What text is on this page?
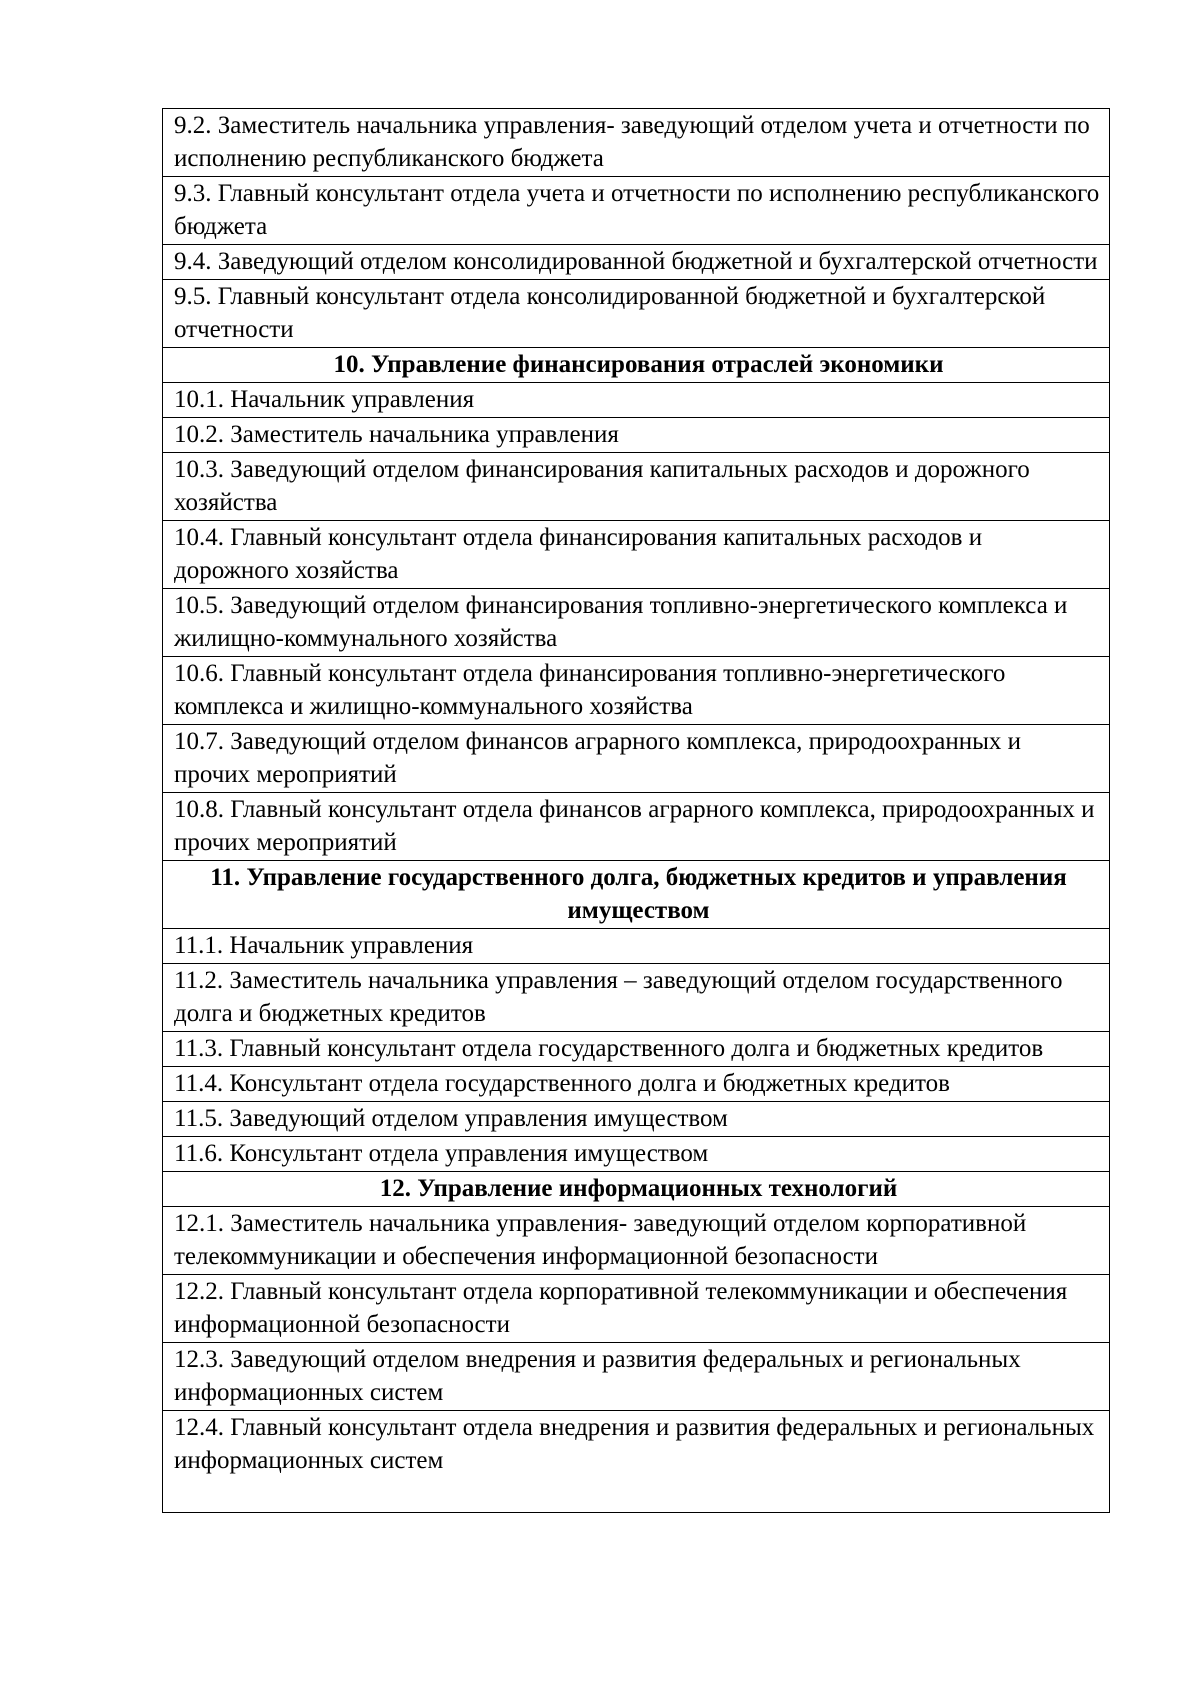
9.2. Заместитель начальника управления- заведующий отделом учета и отчетности по исполнению республиканского бюджета
9.3. Главный консультант отдела учета и отчетности по исполнению республиканского бюджета
9.4. Заведующий отделом консолидированной бюджетной и бухгалтерской отчетности
9.5. Главный консультант отдела консолидированной бюджетной и бухгалтерской отчетности
10. Управление финансирования отраслей экономики
10.1. Начальник управления
10.2. Заместитель начальника управления
10.3. Заведующий отделом финансирования капитальных расходов и дорожного хозяйства
10.4. Главный консультант отдела финансирования капитальных расходов и дорожного хозяйства
10.5. Заведующий отделом финансирования топливно-энергетического комплекса и жилищно-коммунального хозяйства
10.6. Главный консультант отдела финансирования топливно-энергетического комплекса и жилищно-коммунального хозяйства
10.7. Заведующий отделом финансов аграрного комплекса, природоохранных и прочих мероприятий
10.8. Главный консультант отдела финансов аграрного комплекса, природоохранных и прочих мероприятий
11. Управление государственного долга, бюджетных кредитов и управления имуществом
11.1. Начальник управления
11.2. Заместитель начальника управления – заведующий отделом государственного долга и бюджетных кредитов
11.3. Главный консультант отдела государственного долга и бюджетных кредитов
11.4. Консультант отдела государственного долга и бюджетных кредитов
11.5. Заведующий отделом управления имуществом
11.6. Консультант отдела управления имуществом
12. Управление информационных технологий
12.1. Заместитель начальника управления- заведующий отделом корпоративной телекоммуникации и обеспечения информационной безопасности
12.2. Главный консультант отдела корпоративной телекоммуникации и обеспечения информационной безопасности
12.3. Заведующий отделом внедрения и развития федеральных и региональных информационных систем
12.4. Главный консультант отдела внедрения и развития федеральных и региональных информационных систем
